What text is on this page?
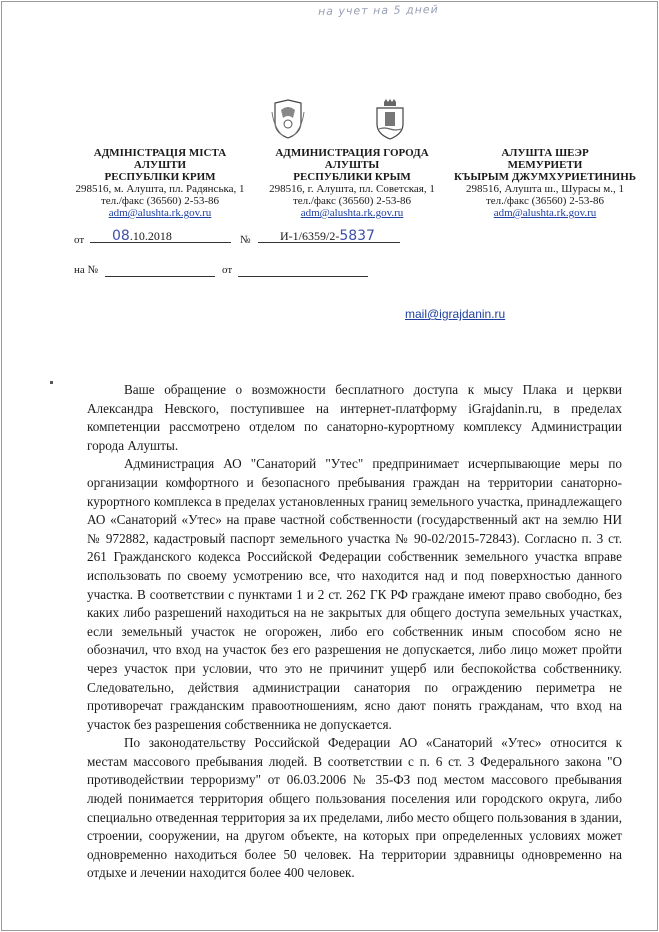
на учет на 5 дней
АДМІНІСТРАЦІЯ МІСТА
АЛУШТИ
РЕСПУБЛІКИ КРИМ
298516, м. Алушта, пл. Радянська, 1
тел./факс (36560) 2-53-86
adm@alushta.rk.gov.ru
АДМИНИСТРАЦИЯ ГОРОДА
АЛУШТЫ
РЕСПУБЛИКИ КРЫМ
298516, г. Алушта, пл. Советская, 1
тел./факс (36560) 2-53-86
adm@alushta.rk.gov.ru
АЛУШТА ШЕЭР
МЕМУРИЕТИ
КЪЫРЫМ ДЖУМХУРИЕТИНИНЬ
298516, Алушта ш., Шурасы м., 1
тел./факс (36560) 2-53-86
adm@alushta.rk.gov.ru
от	08.10.2018	№	И-1/6359/2-5837
на №	от
mail@igrajdanin.ru

Ваше обращение о возможности бесплатного доступа к мысу Плака и церкви Александра Невского, поступившее на интернет-платформу iGrajdanin.ru, в пределах компетенции рассмотрено отделом по санаторно-курортному комплексу Администрации города Алушты.

Администрация АО "Санаторий "Утес" предпринимает исчерпывающие меры по организации комфортного и безопасного пребывания граждан на территории санаторно-курортного комплекса в пределах установленных границ земельного участка, принадлежащего АО «Санаторий «Утес» на праве частной собственности (государственный акт на землю НИ № 972882, кадастровый паспорт земельного участка № 90-02/2015-72843). Согласно п. 3 ст. 261 Гражданского кодекса Российской Федерации собственник земельного участка вправе использовать по своему усмотрению все, что находится над и под поверхностью данного участка. В соответствии с пунктами 1 и 2 ст. 262 ГК РФ граждане имеют право свободно, без каких либо разрешений находиться на не закрытых для общего доступа земельных участках, если земельный участок не огорожен, либо его собственник иным способом ясно не обозначил, что вход на участок без его разрешения не допускается, либо лицо может пройти через участок при условии, что это не причинит ущерб или беспокойства собственнику. Следовательно, действия администрации санатория по ограждению периметра не противоречат гражданским правоотношениям, ясно дают понять гражданам, что вход на участок без разрешения собственника не допускается.

По законодательству Российской Федерации АО «Санаторий «Утес» относится к местам массового пребывания людей. В соответствии с п. 6 ст. 3 Федерального закона "О противодействии терроризму" от 06.03.2006 № 35-ФЗ под местом массового пребывания людей понимается территория общего пользования поселения или городского округа, либо специально отведенная территория за их пределами, либо место общего пользования в здании, строении, сооружении, на другом объекте, на которых при определенных условиях может одновременно находиться более 50 человек. На территории здравницы одновременно на отдыхе и лечении находится более 400 человек.
